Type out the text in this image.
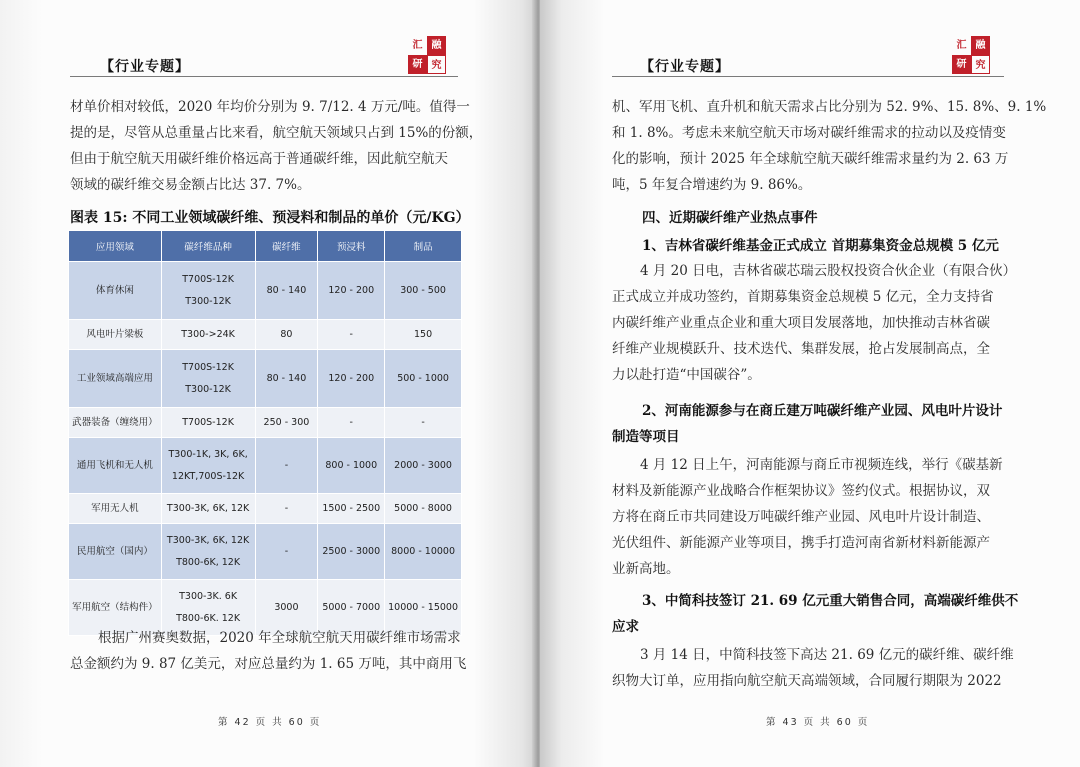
【行业专题】
汇 融
研 究
材单价相对较低，2020 年均价分别为 9. 7/12. 4 万元/吨。值得一
提的是，尽管从总重量占比来看，航空航天领域只占到 15%的份额，
但由于航空航天用碳纤维价格远高于普通碳纤维，因此航空航天
领域的碳纤维交易金额占比达 37. 7%。
图表 15: 不同工业领域碳纤维、预浸料和制品的单价（元/KG）
应用领域	碳纤维品种	碳纤维	预浸料	制品
体育休闲	T700S-12K
T300-12K	80 - 140	120 - 200	300 - 500
风电叶片梁板	T300->24K	80	-	150
工业领域高端应用	T700S-12K
T300-12K	80 - 140	120 - 200	500 - 1000
武器装备（缠绕用）	T700S-12K	250 - 300	-	-
通用飞机和无人机	T300-1K, 3K, 6K,
12KT,700S-12K	-	800 - 1000	2000 - 3000
军用无人机	T300-3K, 6K, 12K	-	1500 - 2500	5000 - 8000
民用航空（国内）	T300-3K, 6K, 12K
T800-6K, 12K	-	2500 - 3000	8000 - 10000
军用航空（结构件）	T300-3K. 6K
T800-6K. 12K	3000	5000 - 7000	10000 - 15000
根据广州赛奥数据，2020 年全球航空航天用碳纤维市场需求
总金额约为 9. 87 亿美元，对应总量约为 1. 65 万吨，其中商用飞
第 42 页 共 60 页
【行业专题】
汇 融
研 究
机、军用飞机、直升机和航天需求占比分别为 52. 9%、15. 8%、9. 1%
和 1. 8%。考虑未来航空航天市场对碳纤维需求的拉动以及疫情变
化的影响，预计 2025 年全球航空航天碳纤维需求量约为 2. 63 万
吨，5 年复合增速约为 9. 86%。
四、近期碳纤维产业热点事件
1、吉林省碳纤维基金正式成立 首期募集资金总规模 5 亿元
4 月 20 日电，吉林省碳芯瑞云股权投资合伙企业（有限合伙）
正式成立并成功签约，首期募集资金总规模 5 亿元，全力支持省
内碳纤维产业重点企业和重大项目发展落地，加快推动吉林省碳
纤维产业规模跃升、技术迭代、集群发展，抢占发展制高点，全
力以赴打造“中国碳谷”。
2、河南能源参与在商丘建万吨碳纤维产业园、风电叶片设计
制造等项目
4 月 12 日上午，河南能源与商丘市视频连线，举行《碳基新
材料及新能源产业战略合作框架协议》签约仪式。根据协议，双
方将在商丘市共同建设万吨碳纤维产业园、风电叶片设计制造、
光伏组件、新能源产业等项目，携手打造河南省新材料新能源产
业新高地。
3、中简科技签订 21. 69 亿元重大销售合同，高端碳纤维供不
应求
3 月 14 日，中简科技签下高达 21. 69 亿元的碳纤维、碳纤维
织物大订单，应用指向航空航天高端领域，合同履行期限为 2022
第 43 页 共 60 页
